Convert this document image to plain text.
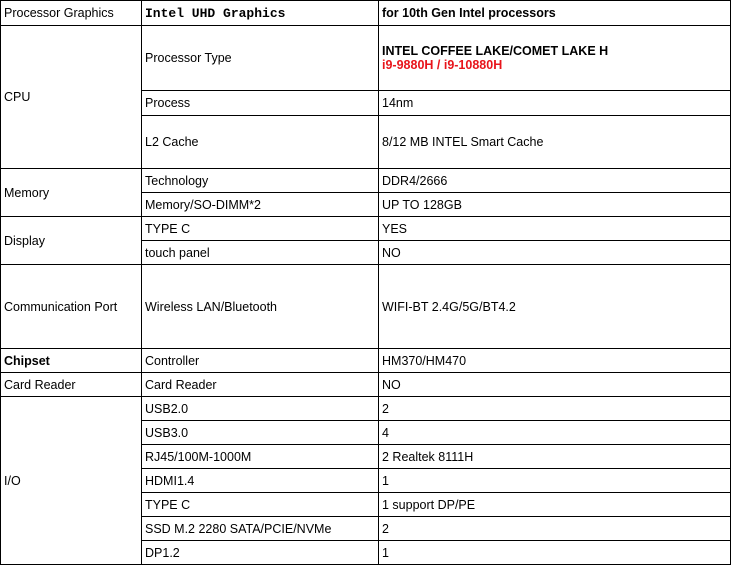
Processor Graphics	Intel UHD Graphics	for 10th Gen Intel processors
CPU	Processor Type	INTEL COFFEE LAKE/COMET LAKE H
i9-9880H / i9-10880H

	Process	14nm
	L2 Cache	8/12 MB INTEL Smart Cache
Memory	Technology	DDR4/2666
	Memory/SO-DIMM*2	UP TO 128GB
Display	TYPE C	YES
	touch panel	NO
Communication Port	Wireless LAN/Bluetooth	WIFI-BT 2.4G/5G/BT4.2
Chipset	Controller	HM370/HM470
Card Reader	Card Reader	NO
I/O	USB2.0	2
	USB3.0	4
	RJ45/100M-1000M	2 Realtek 8111H
	HDMI1.4	1
	TYPE C	1 support DP/PE
	SSD M.2 2280 SATA/PCIE/NVMe	2
	DP1.2	1
